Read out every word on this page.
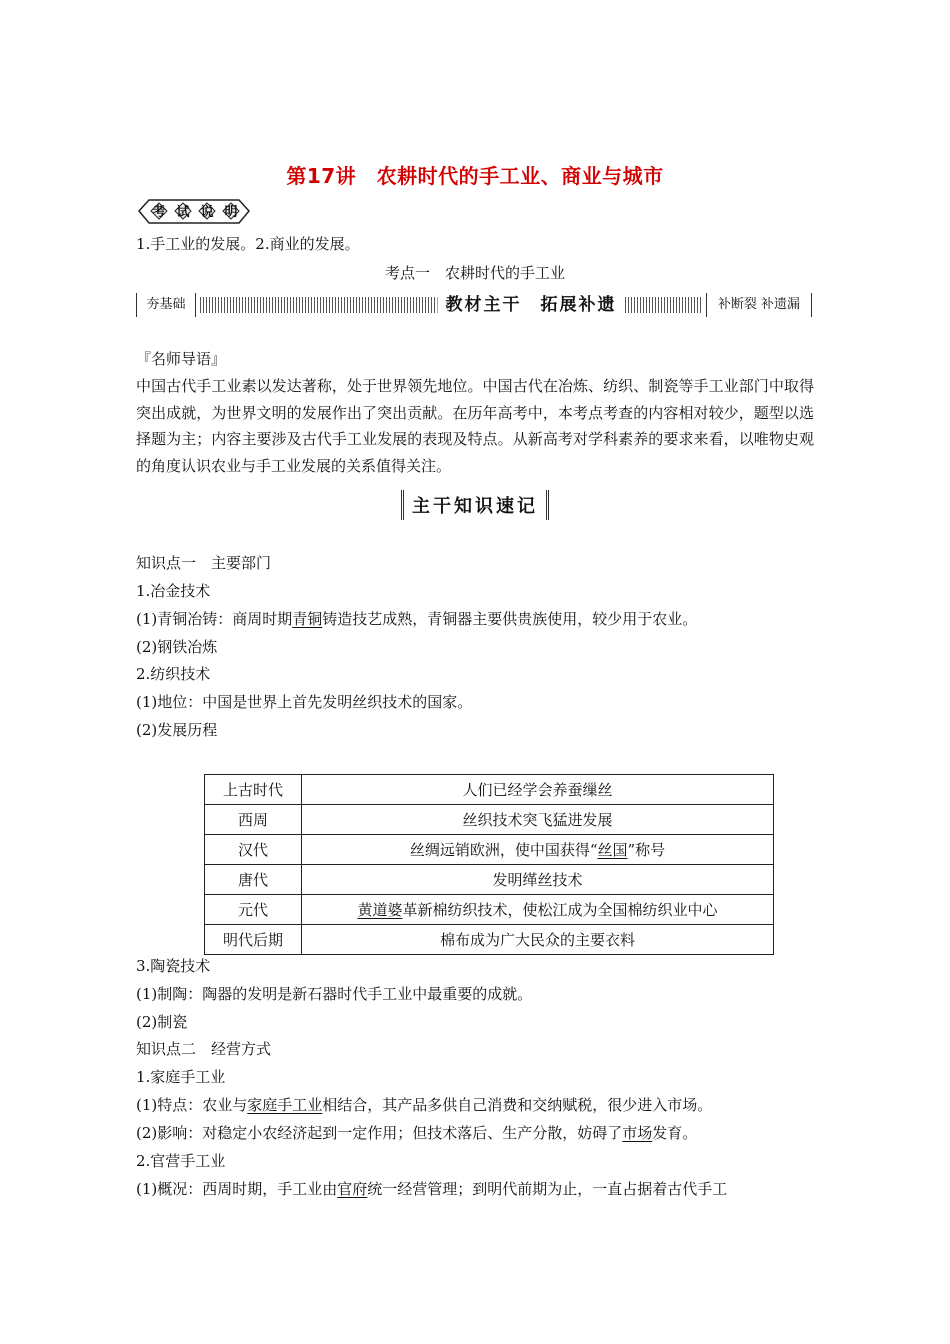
第17讲　农耕时代的手工业、商业与城市
考 试 说 明
1.手工业的发展。2.商业的发展。
考点一　农耕时代的手工业
夯基础	教材主干　拓展补遗	补断裂 补遗漏
『名师导语』
中国古代手工业素以发达著称，处于世界领先地位。中国古代在冶炼、纺织、制瓷等手工业部门中取得突出成就，为世界文明的发展作出了突出贡献。在历年高考中，本考点考查的内容相对较少，题型以选择题为主；内容主要涉及古代手工业发展的表现及特点。从新高考对学科素养的要求来看，以唯物史观的角度认识农业与手工业发展的关系值得关注。
主干知识速记
知识点一　主要部门
1.冶金技术
(1)青铜冶铸：商周时期青铜铸造技艺成熟，青铜器主要供贵族使用，较少用于农业。
(2)钢铁冶炼
2.纺织技术
(1)地位：中国是世界上首先发明丝织技术的国家。
(2)发展历程
上古时代	人们已经学会养蚕缫丝
西周	丝织技术突飞猛进发展
汉代	丝绸远销欧洲，使中国获得“丝国”称号
唐代	发明缂丝技术
元代	黄道婆革新棉纺织技术，使松江成为全国棉纺织业中心
明代后期	棉布成为广大民众的主要衣料
3.陶瓷技术
(1)制陶：陶器的发明是新石器时代手工业中最重要的成就。
(2)制瓷
知识点二　经营方式
1.家庭手工业
(1)特点：农业与家庭手工业相结合，其产品多供自己消费和交纳赋税，很少进入市场。
(2)影响：对稳定小农经济起到一定作用；但技术落后、生产分散，妨碍了市场发育。
2.官营手工业
(1)概况：西周时期，手工业由官府统一经营管理；到明代前期为止，一直占据着古代手工
